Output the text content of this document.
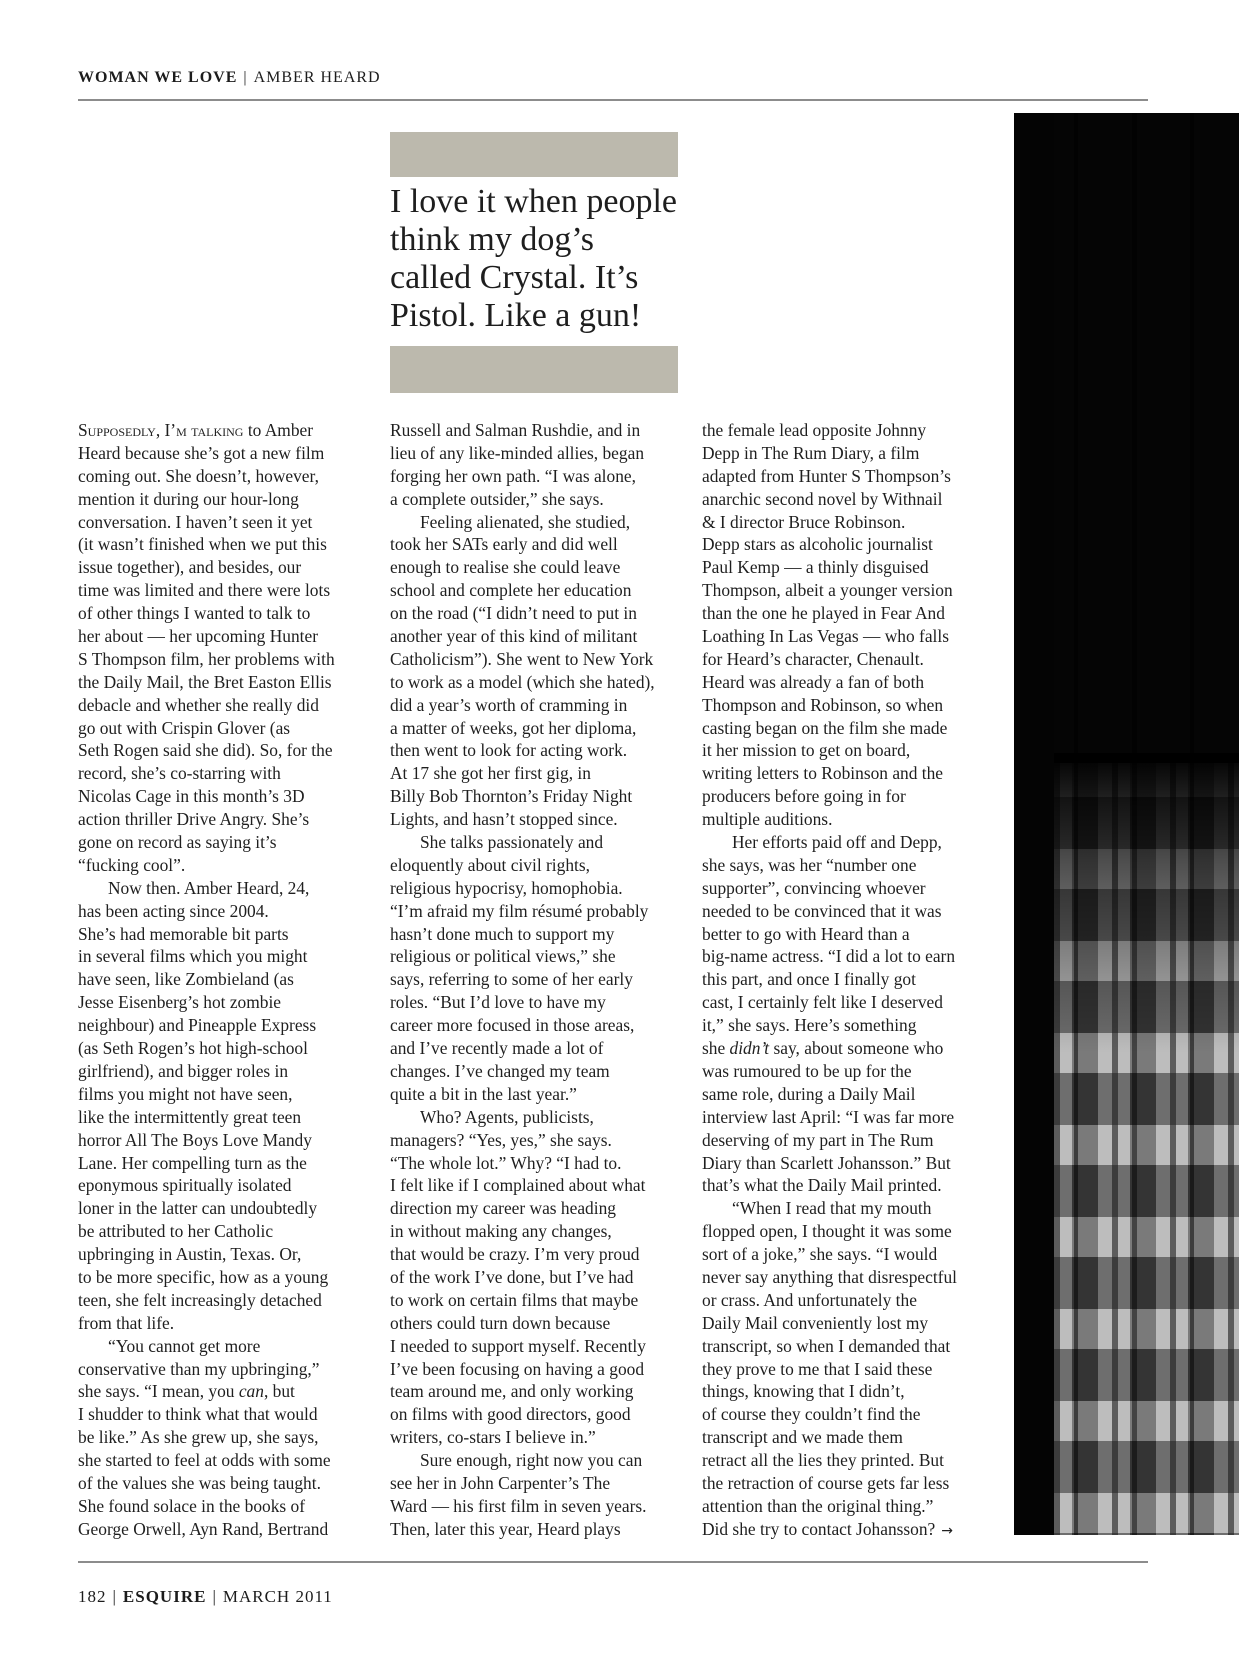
WOMAN WE LOVE | AMBER HEARD
I love it when people
think my dog’s
called Crystal. It’s
Pistol. Like a gun!
Supposedly, I’m talking to Amber
Heard because she’s got a new film
coming out. She doesn’t, however,
mention it during our hour-long
conversation. I haven’t seen it yet
(it wasn’t finished when we put this
issue together), and besides, our
time was limited and there were lots
of other things I wanted to talk to
her about — her upcoming Hunter
S Thompson film, her problems with
the Daily Mail, the Bret Easton Ellis
debacle and whether she really did
go out with Crispin Glover (as
Seth Rogen said she did). So, for the
record, she’s co-starring with
Nicolas Cage in this month’s 3D
action thriller Drive Angry. She’s
gone on record as saying it’s
“fucking cool”.
Now then. Amber Heard, 24,
has been acting since 2004.
She’s had memorable bit parts
in several films which you might
have seen, like Zombieland (as
Jesse Eisenberg’s hot zombie
neighbour) and Pineapple Express
(as Seth Rogen’s hot high-school
girlfriend), and bigger roles in
films you might not have seen,
like the intermittently great teen
horror All The Boys Love Mandy
Lane. Her compelling turn as the
eponymous spiritually isolated
loner in the latter can undoubtedly
be attributed to her Catholic
upbringing in Austin, Texas. Or,
to be more specific, how as a young
teen, she felt increasingly detached
from that life.
“You cannot get more
conservative than my upbringing,”
she says. “I mean, you can, but
I shudder to think what that would
be like.” As she grew up, she says,
she started to feel at odds with some
of the values she was being taught.
She found solace in the books of
George Orwell, Ayn Rand, Bertrand
Russell and Salman Rushdie, and in
lieu of any like-minded allies, began
forging her own path. “I was alone,
a complete outsider,” she says.
Feeling alienated, she studied,
took her SATs early and did well
enough to realise she could leave
school and complete her education
on the road (“I didn’t need to put in
another year of this kind of militant
Catholicism”). She went to New York
to work as a model (which she hated),
did a year’s worth of cramming in
a matter of weeks, got her diploma,
then went to look for acting work.
At 17 she got her first gig, in
Billy Bob Thornton’s Friday Night
Lights, and hasn’t stopped since.
She talks passionately and
eloquently about civil rights,
religious hypocrisy, homophobia.
“I’m afraid my film résumé probably
hasn’t done much to support my
religious or political views,” she
says, referring to some of her early
roles. “But I’d love to have my
career more focused in those areas,
and I’ve recently made a lot of
changes. I’ve changed my team
quite a bit in the last year.”
Who? Agents, publicists,
managers? “Yes, yes,” she says.
“The whole lot.” Why? “I had to.
I felt like if I complained about what
direction my career was heading
in without making any changes,
that would be crazy. I’m very proud
of the work I’ve done, but I’ve had
to work on certain films that maybe
others could turn down because
I needed to support myself. Recently
I’ve been focusing on having a good
team around me, and only working
on films with good directors, good
writers, co-stars I believe in.”
Sure enough, right now you can
see her in John Carpenter’s The
Ward — his first film in seven years.
Then, later this year, Heard plays
the female lead opposite Johnny
Depp in The Rum Diary, a film
adapted from Hunter S Thompson’s
anarchic second novel by Withnail
& I director Bruce Robinson.
Depp stars as alcoholic journalist
Paul Kemp — a thinly disguised
Thompson, albeit a younger version
than the one he played in Fear And
Loathing In Las Vegas — who falls
for Heard’s character, Chenault.
Heard was already a fan of both
Thompson and Robinson, so when
casting began on the film she made
it her mission to get on board,
writing letters to Robinson and the
producers before going in for
multiple auditions.
Her efforts paid off and Depp,
she says, was her “number one
supporter”, convincing whoever
needed to be convinced that it was
better to go with Heard than a
big-name actress. “I did a lot to earn
this part, and once I finally got
cast, I certainly felt like I deserved
it,” she says. Here’s something
she didn’t say, about someone who
was rumoured to be up for the
same role, during a Daily Mail
interview last April: “I was far more
deserving of my part in The Rum
Diary than Scarlett Johansson.” But
that’s what the Daily Mail printed.
“When I read that my mouth
flopped open, I thought it was some
sort of a joke,” she says. “I would
never say anything that disrespectful
or crass. And unfortunately the
Daily Mail conveniently lost my
transcript, so when I demanded that
they prove to me that I said these
things, knowing that I didn’t,
of course they couldn’t find the
transcript and we made them
retract all the lies they printed. But
the retraction of course gets far less
attention than the original thing.”
Did she try to contact Johansson? →
182 | ESQUIRE | MARCH 2011
